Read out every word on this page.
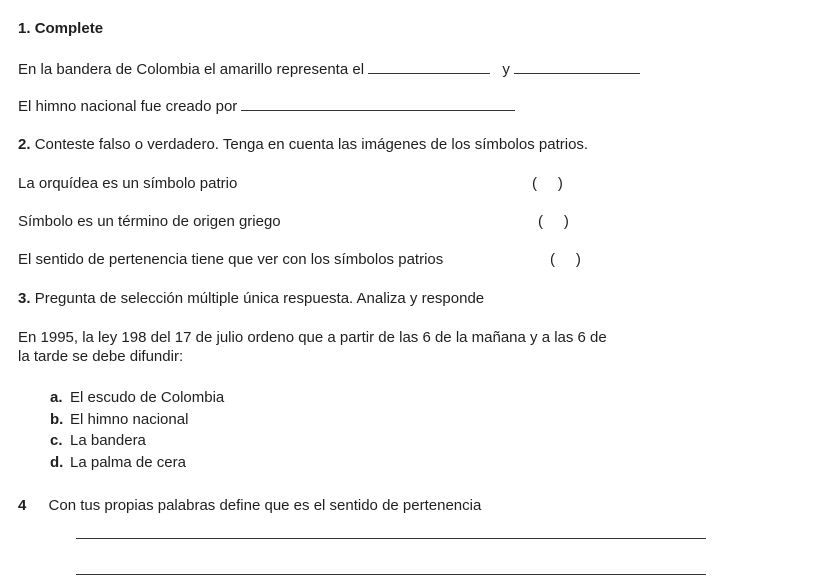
1. Complete
En la bandera de Colombia el amarillo representa el	y
El himno nacional fue creado por
2. Conteste falso o verdadero. Tenga en cuenta las imágenes de los símbolos patrios.
La orquídea es un símbolo patrio	(     )
Símbolo es un término de origen griego	(     )
El sentido de pertenencia tiene que ver con los símbolos patrios	(     )
3. Pregunta de selección múltiple única respuesta. Analiza y responde
En 1995, la ley 198 del 17 de julio ordeno que a partir de las 6 de la mañana y a las 6 de
la tarde se debe difundir:
a. El escudo de Colombia
b. El himno nacional
c. La bandera
d. La palma de cera
4 Con tus propias palabras define que es el sentido de pertenencia
